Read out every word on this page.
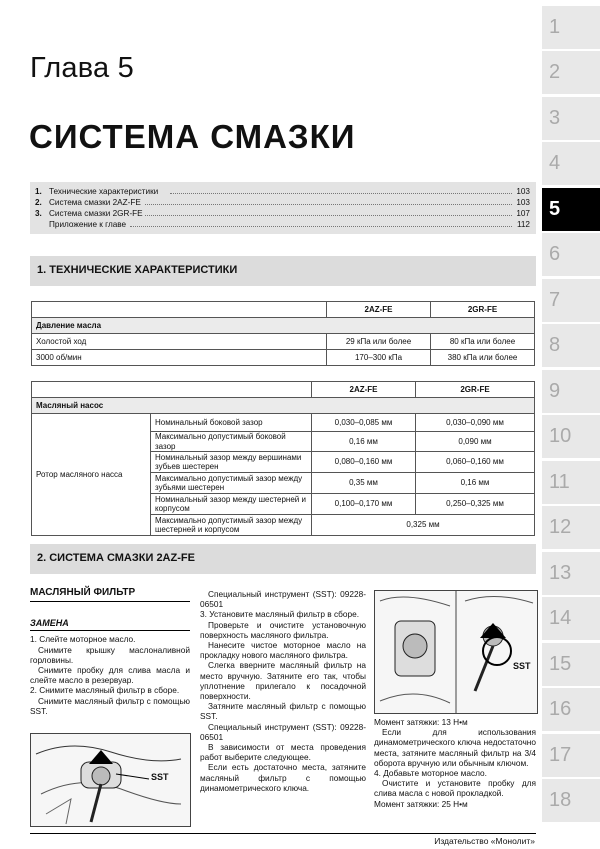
Глава 5
СИСТЕМА СМАЗКИ
1. Технические характеристики	103
2. Система смазки 2AZ-FE	103
3. Система смазки 2GR-FE	107
Приложение к главе	112
1. ТЕХНИЧЕСКИЕ ХАРАКТЕРИСТИКИ
	2AZ-FE	2GR-FE
Давление масла		
Холостой ход	29 кПа или более	80 кПа или более
3000 об/мин	170–300 кПа	380 кПа или более
		2AZ-FE	2GR-FE
Масляный насос			
Ротор масляного насса	Номинальный боковой зазор	0,030–0,085 мм	0,030–0,090 мм
	Максимально допустимый боковой зазор	0,16 мм	0,090 мм
	Номинальный зазор между вершинами зубьев шестерен	0,080–0,160 мм	0,060–0,160 мм
	Максимально допустимый зазор между зубьями шестерен	0,35 мм	0,16 мм
	Номинальный зазор между шестерней и корпусом	0,100–0,170 мм	0,250–0,325 мм
	Максимально допустимый зазор между шестерней и корпусом	0,325 мм	
2. СИСТЕМА СМАЗКИ 2AZ-FE
МАСЛЯНЫЙ ФИЛЬТР
ЗАМЕНА

1. Слейте моторное масло.

Снимите крышку маслоналивной горловины.

Снимите пробку для слива масла и слейте масло в резервуар.

2. Снимите масляный фильтр в сборе.

Снимите масляный фильтр с помощью SST.

SST

Специальный инструмент (SST): 09228-06501

3. Установите масляный фильтр в сборе.

Проверьте и очистите установочную поверхность масляного фильтра.

Нанесите чистое моторное масло на прокладку нового масляного фильтра.

Слегка вверните масляный фильтр на место вручную. Затяните его так, чтобы уплотнение прилегало к посадочной поверхности.

Затяните масляный фильтр с помощью SST.

Специальный инструмент (SST): 09228-06501

В зависимости от места проведения работ выберите следующее.

Если есть достаточно места, затяните масляный фильтр с помощью динамометрического ключа.

SST

Момент затяжки: 13 Н•м

Если для использования динамометрического ключа недостаточно места, затяните масляный фильтр на 3/4 оборота вручную или обычным ключом.

4. Добавьте моторное масло.

Очистите и установите пробку для слива масла с новой прокладкой.

Момент затяжки: 25 Н•м

Издательство «Монолит»
1
2
3
4
5
6
7
8
9
10
11
12
13
14
15
16
17
18
